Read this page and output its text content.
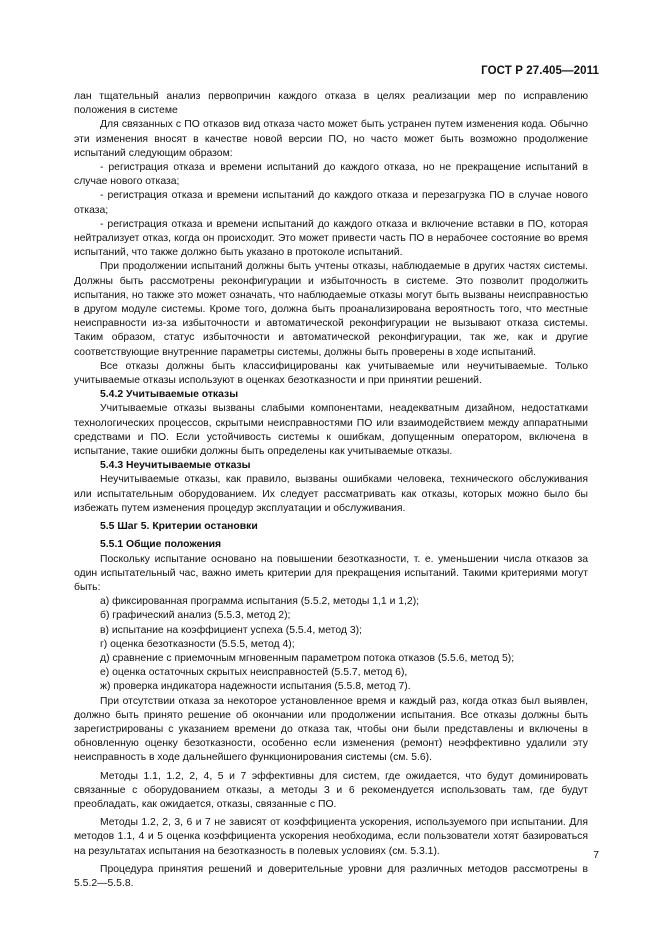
ГОСТ Р 27.405—2011

лан тщательный анализ первопричин каждого отказа в целях реализации мер по исправлению положения в системе

Для связанных с ПО отказов вид отказа часто может быть устранен путем изменения кода. Обычно эти изменения вносят в качестве новой версии ПО, но часто может быть возможно продолжение испытаний следующим образом:

- регистрация отказа и времени испытаний до каждого отказа, но не прекращение испытаний в случае нового отказа;

- регистрация отказа и времени испытаний до каждого отказа и перезагрузка ПО в случае нового отказа;

- регистрация отказа и времени испытаний до каждого отказа и включение вставки в ПО, которая нейтрализует отказ, когда он происходит. Это может привести часть ПО в нерабочее состояние во время испытаний, что также должно быть указано в протоколе испытаний.

При продолжении испытаний должны быть учтены отказы, наблюдаемые в других частях системы. Должны быть рассмотрены реконфигурации и избыточность в системе. Это позволит продолжить испытания, но также это может означать, что наблюдаемые отказы могут быть вызваны неисправностью в другом модуле системы. Кроме того, должна быть проанализирована вероятность того, что местные неисправности из-за избыточности и автоматической реконфигурации не вызывают отказа системы. Таким образом, статус избыточности и автоматической реконфигурации, так же, как и другие соответствующие внутренние параметры системы, должны быть проверены в ходе испытаний.

Все отказы должны быть классифицированы как учитываемые или неучитываемые. Только учитываемые отказы используют в оценках безотказности и при принятии решений.

5.4.2 Учитываемые отказы

Учитываемые отказы вызваны слабыми компонентами, неадекватным дизайном, недостатками технологических процессов, скрытыми неисправностями ПО или взаимодействием между аппаратными средствами и ПО. Если устойчивость системы к ошибкам, допущенным оператором, включена в испытание, такие ошибки должны быть определены как учитываемые отказы.

5.4.3 Неучитываемые отказы

Неучитываемые отказы, как правило, вызваны ошибками человека, технического обслуживания или испытательным оборудованием. Их следует рассматривать как отказы, которых можно было бы избежать путем изменения процедур эксплуатации и обслуживания.

5.5 Шаг 5. Критерии остановки

5.5.1 Общие положения

Поскольку испытание основано на повышении безотказности, т. е. уменьшении числа отказов за один испытательный час, важно иметь критерии для прекращения испытаний. Такими критериями могут быть:

а) фиксированная программа испытания (5.5.2, методы 1,1 и 1,2);

б) графический анализ (5.5.3, метод 2);

в) испытание на коэффициент успеха (5.5.4, метод 3);

г) оценка безотказности (5.5.5, метод 4);

д) сравнение с приемочным мгновенным параметром потока отказов (5.5.6, метод 5);

е) оценка остаточных скрытых неисправностей (5.5.7, метод 6),

ж) проверка индикатора надежности испытания (5.5.8, метод 7).

При отсутствии отказа за некоторое установленное время и каждый раз, когда отказ был выявлен, должно быть принято решение об окончании или продолжении испытания. Все отказы должны быть зарегистрированы с указанием времени до отказа так, чтобы они были представлены и включены в обновленную оценку безотказности, особенно если изменения (ремонт) неэффективно удалили эту неисправность в ходе дальнейшего функционирования системы (см. 5.6).

Методы 1.1, 1.2, 2, 4, 5 и 7 эффективны для систем, где ожидается, что будут доминировать связанные с оборудованием отказы, а методы 3 и 6 рекомендуется использовать там, где будут преобладать, как ожидается, отказы, связанные с ПО.

Методы 1.2, 2, 3, 6 и 7 не зависят от коэффициента ускорения, используемого при испытании. Для методов 1.1, 4 и 5 оценка коэффициента ускорения необходима, если пользователи хотят базироваться на результатах испытания на безотказность в полевых условиях (см. 5.3.1).

Процедура принятия решений и доверительные уровни для различных методов рассмотрены в 5.5.2—5.5.8.

7
